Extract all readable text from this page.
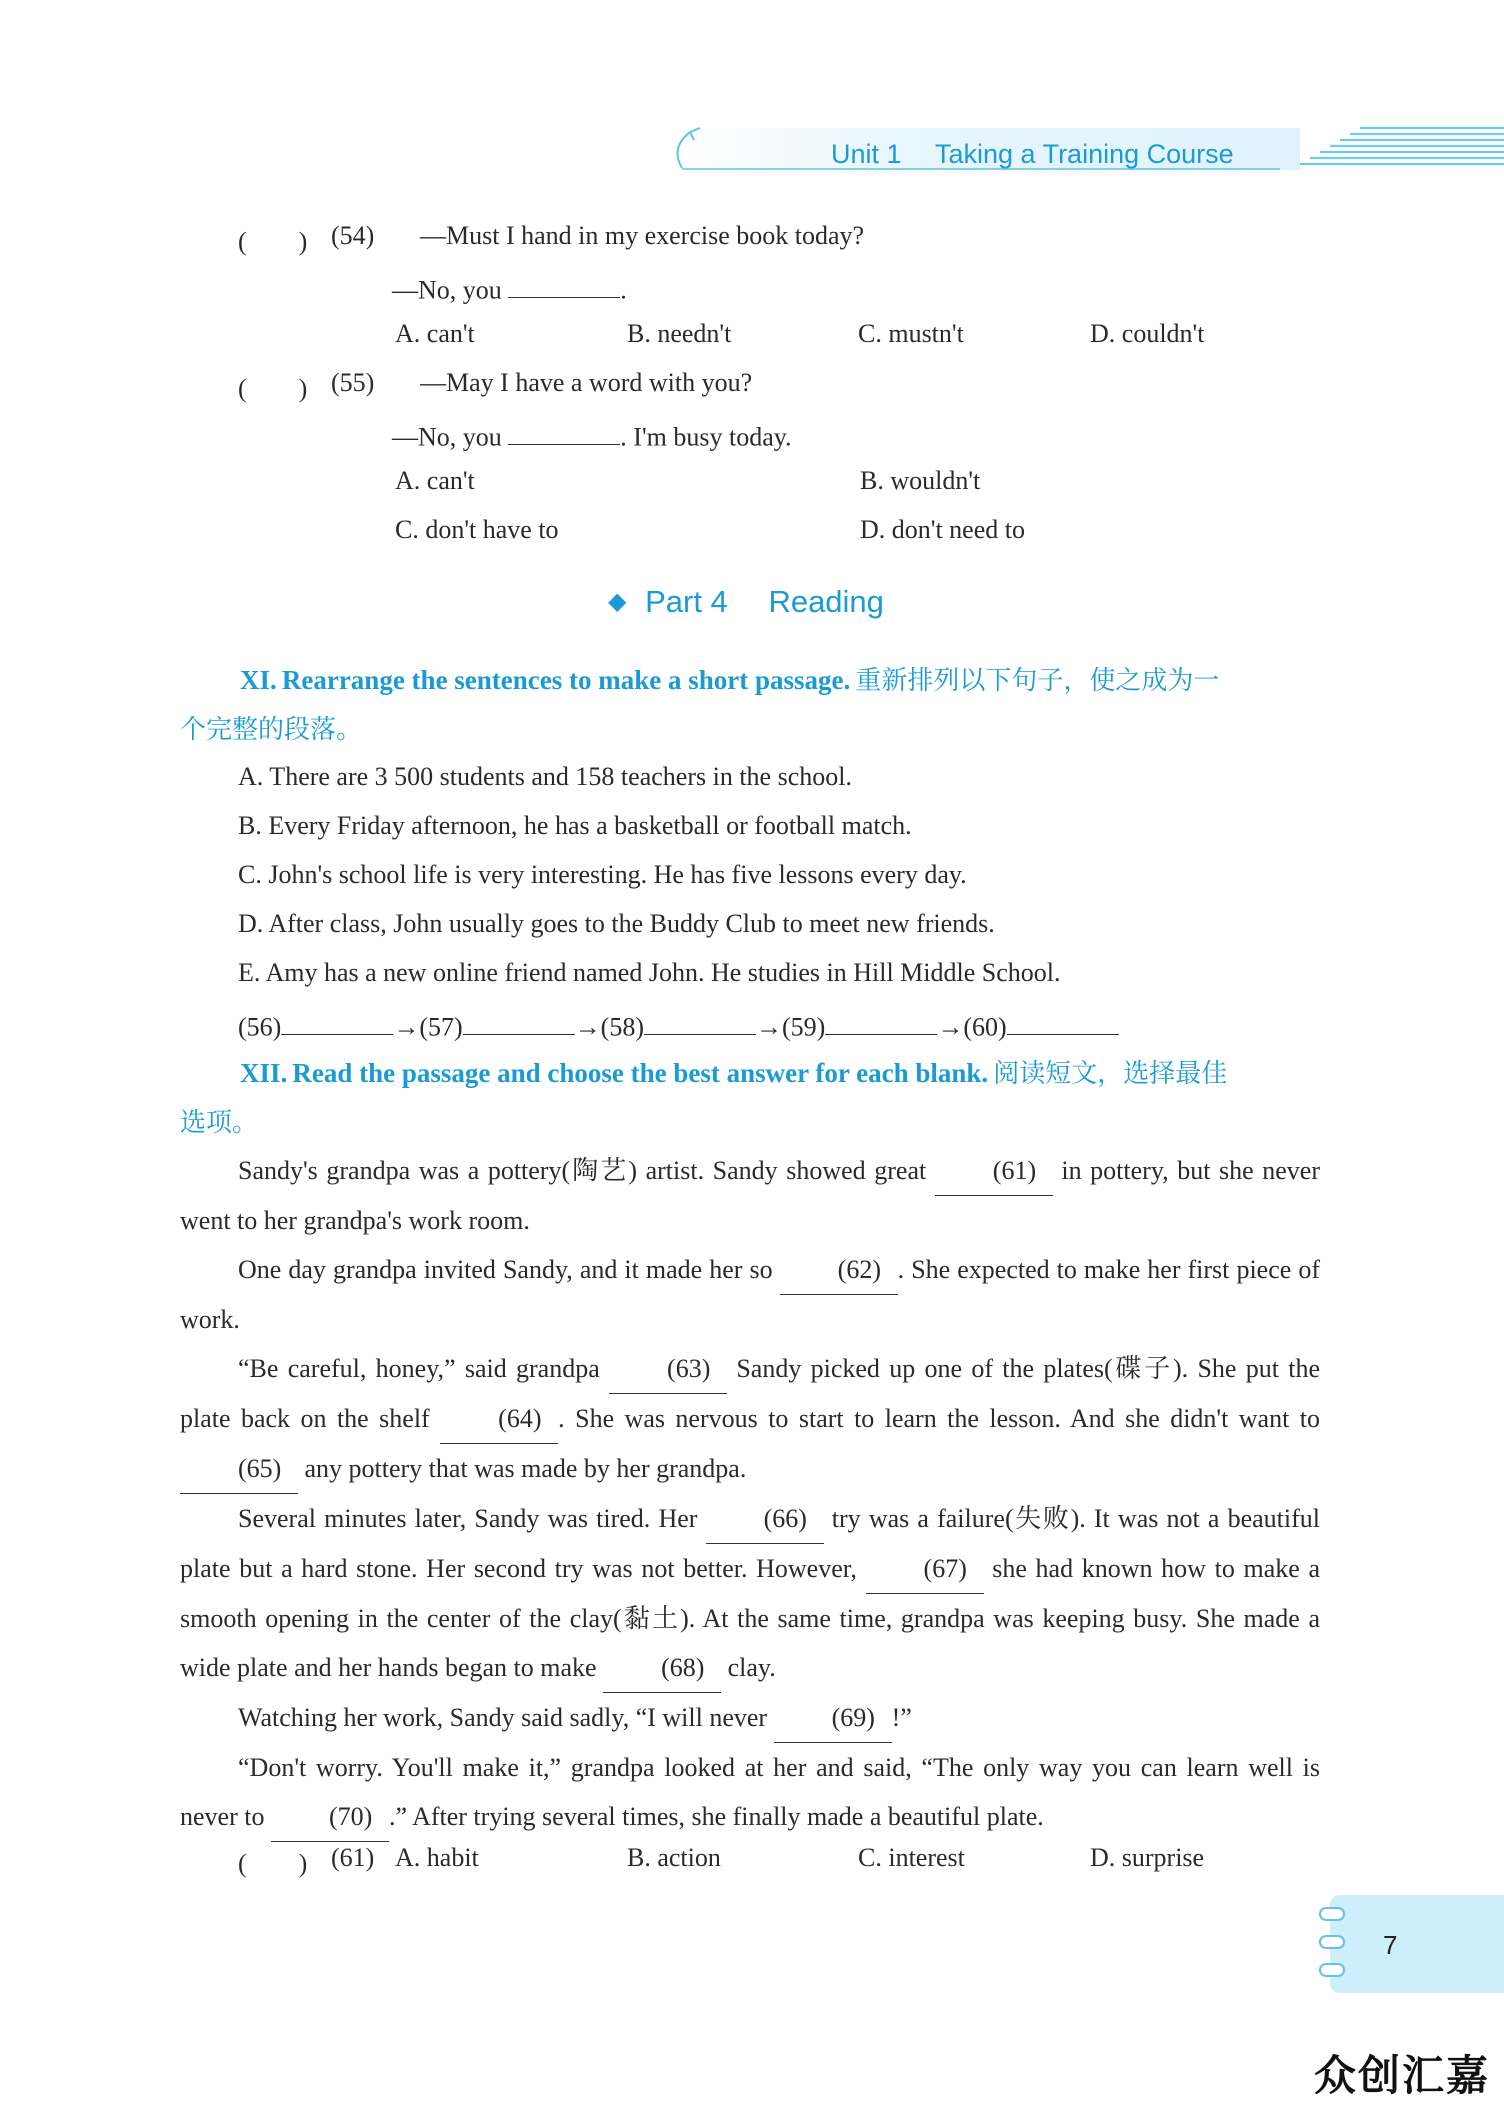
Unit 1 Taking a Training Course
(　　) (54) —Must I hand in my exercise book today?
—No, you	.
A. can't	B. needn't	C. mustn't	D. couldn't
(　　) (55) —May I have a word with you?
—No, you	. I'm busy today.
A. can't	B. wouldn't
C. don't have to	D. don't need to
◆ Part 4 Reading
XI. Rearrange the sentences to make a short passage. 重新排列以下句子，使之成为一
个完整的段落。
A. There are 3 500 students and 158 teachers in the school.
B. Every Friday afternoon, he has a basketball or football match.
C. John's school life is very interesting. He has five lessons every day.
D. After class, John usually goes to the Buddy Club to meet new friends.
E. Amy has a new online friend named John. He studies in Hill Middle School.
(56)	→(57)	→(58)	→(59)	→(60)
XII. Read the passage and choose the best answer for each blank. 阅读短文，选择最佳
选项。

Sandy's grandpa was a pottery(陶艺) artist. Sandy showed great	(61) in pottery, but she never went to her grandpa's work room.

One day grandpa invited Sandy, and it made her so	(62) . She expected to make her first piece of work.

“Be careful, honey,” said grandpa	(63) Sandy picked up one of the plates(碟子). She put the plate back on the shelf	(64) . She was nervous to start to learn the lesson. And she didn't want to (65) any pottery that was made by her grandpa.

Several minutes later, Sandy was tired. Her	(66) try was a failure(失败). It was not a beautiful plate but a hard stone. Her second try was not better. However,	(67) she had known how to make a smooth opening in the center of the clay(黏土). At the same time, grandpa was keeping busy. She made a wide plate and her hands began to make (68) clay.

Watching her work, Sandy said sadly, “I will never (69) !”

“Don't worry. You'll make it,” grandpa looked at her and said, “The only way you can learn well is never to (70) .” After trying several times, she finally made a beautiful plate.

(　　) (61) A. habit	B. action	C. interest	D. surprise
7
众创汇嘉
